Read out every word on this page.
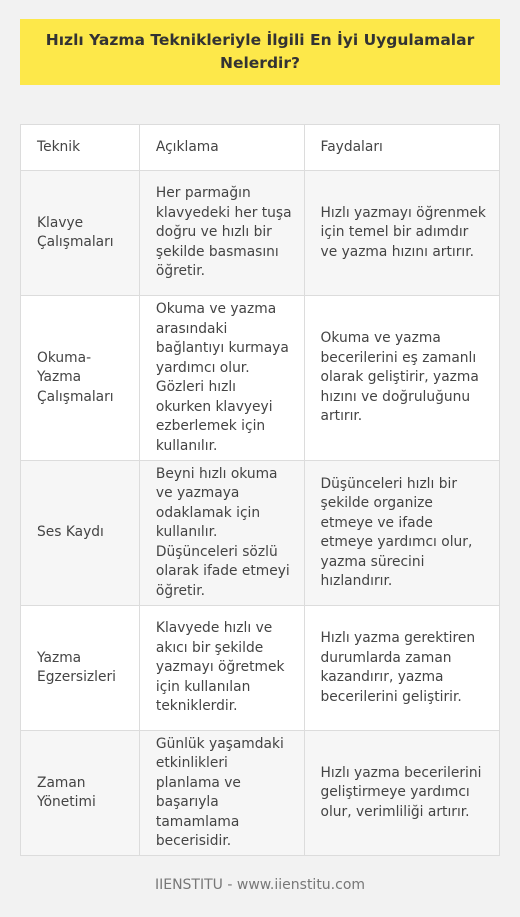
Hızlı Yazma Teknikleriyle İlgili En İyi Uygulamalar Nelerdir?
Teknik	Açıklama	Faydaları
Klavye Çalışmaları	Her parmağın klavyedeki her tuşa doğru ve hızlı bir şekilde basmasını öğretir.	Hızlı yazmayı öğrenmek için temel bir adımdır ve yazma hızını artırır.
Okuma-Yazma Çalışmaları	Okuma ve yazma arasındaki bağlantıyı kurmaya yardımcı olur. Gözleri hızlı okurken klavyeyi ezberlemek için kullanılır.	Okuma ve yazma becerilerini eş zamanlı olarak geliştirir, yazma hızını ve doğruluğunu artırır.
Ses Kaydı	Beyni hızlı okuma ve yazmaya odaklamak için kullanılır. Düşünceleri sözlü olarak ifade etmeyi öğretir.	Düşünceleri hızlı bir şekilde organize etmeye ve ifade etmeye yardımcı olur, yazma sürecini hızlandırır.
Yazma Egzersizleri	Klavyede hızlı ve akıcı bir şekilde yazmayı öğretmek için kullanılan tekniklerdir.	Hızlı yazma gerektiren durumlarda zaman kazandırır, yazma becerilerini geliştirir.
Zaman Yönetimi	Günlük yaşamdaki etkinlikleri planlama ve başarıyla tamamlama becerisidir.	Hızlı yazma becerilerini geliştirmeye yardımcı olur, verimliliği artırır.
IIENSTITU - www.iienstitu.com
